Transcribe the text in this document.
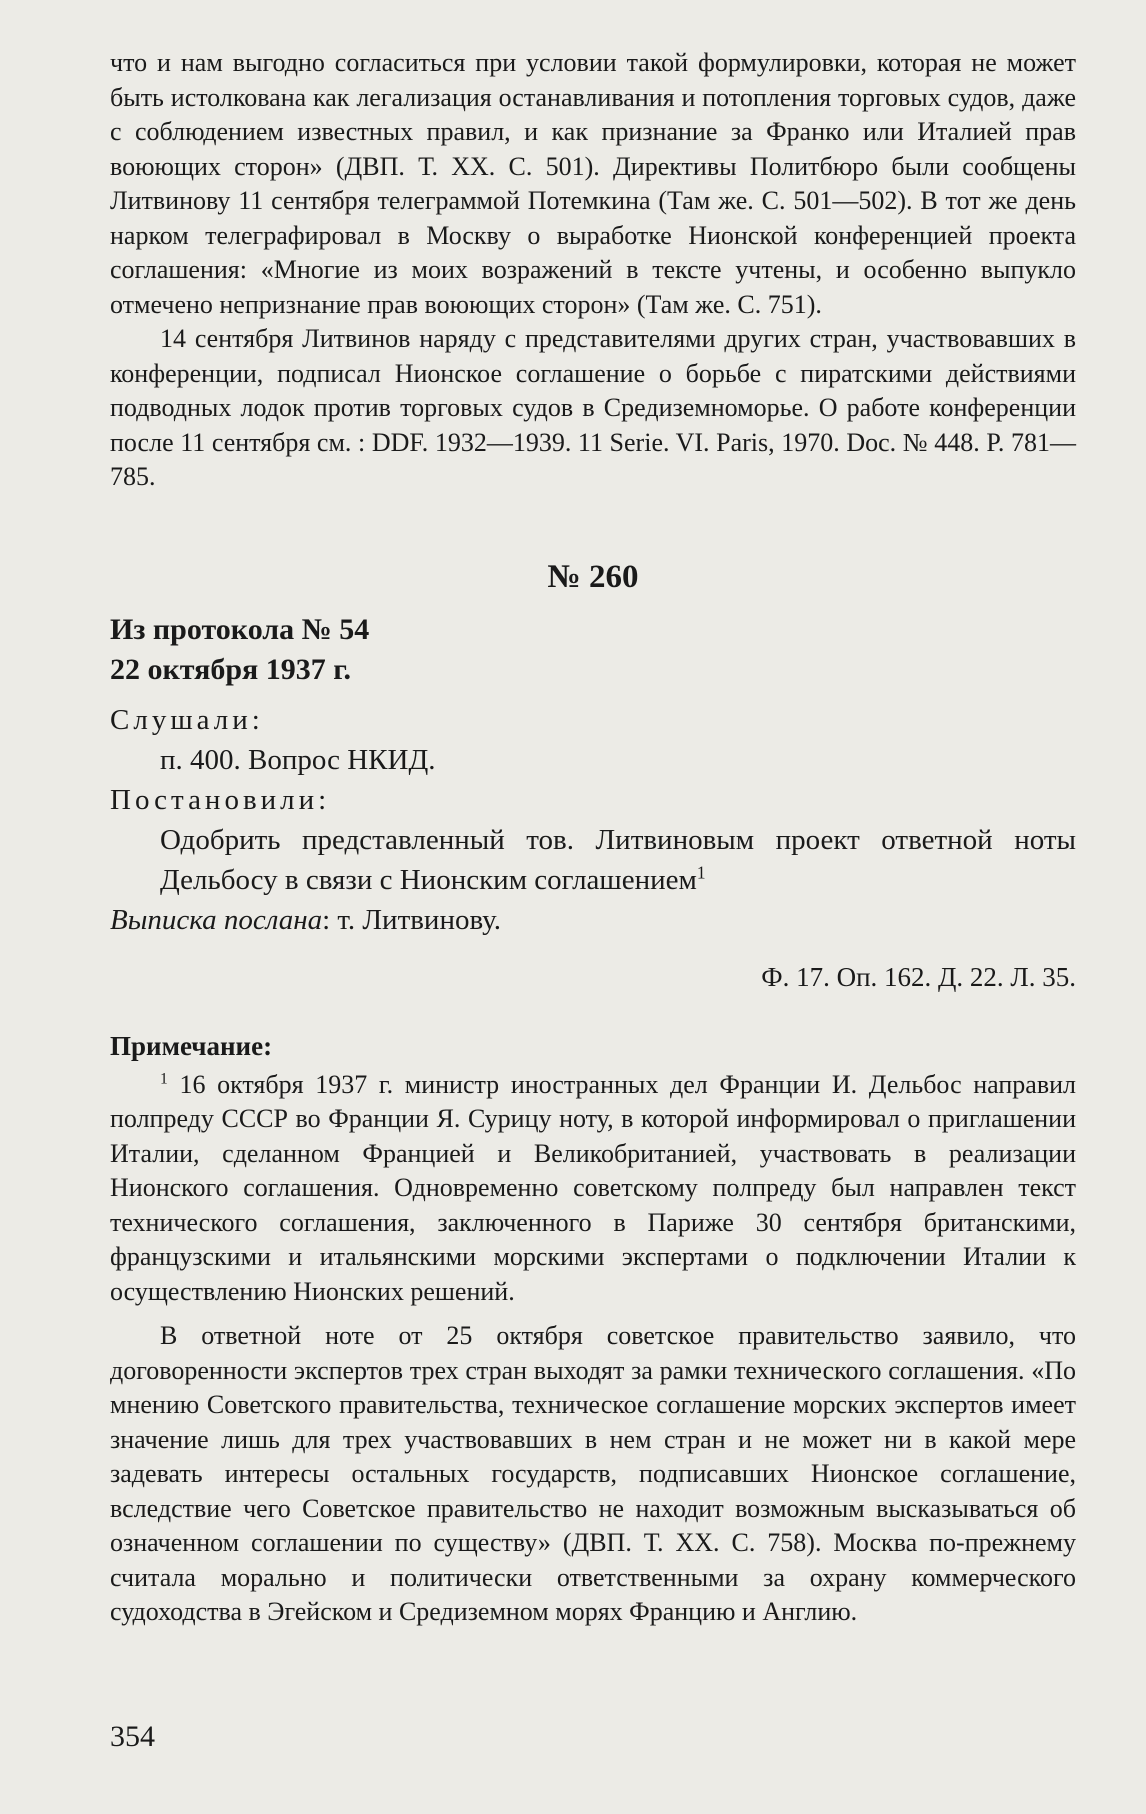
что и нам выгодно согласиться при условии такой формулировки, которая не может быть истолкована как легализация останавливания и потопления торговых судов, даже с соблюдением известных правил, и как признание за Франко или Италией прав воюющих сторон» (ДВП. Т. XX. С. 501). Директивы Политбюро были сообщены Литвинову 11 сентября телеграммой Потемкина (Там же. С. 501—502). В тот же день нарком телеграфировал в Москву о выработке Нионской конференцией проекта соглашения: «Многие из моих возражений в тексте учтены, и особенно выпукло отмечено непризнание прав воюющих сторон» (Там же. С. 751).

14 сентября Литвинов наряду с представителями других стран, участвовавших в конференции, подписал Нионское соглашение о борьбе с пиратскими действиями подводных лодок против торговых судов в Средиземноморье. О работе конференции после 11 сентября см. : DDF. 1932—1939. 11 Serie. VI. Paris, 1970. Doc. № 448. P. 781—785.

№ 260

Из протокола № 54

22 октября 1937 г.

Слушали:

п. 400. Вопрос НКИД.

Постановили:

Одобрить представленный тов. Литвиновым проект ответной ноты Дельбосу в связи с Нионским соглашением$^1$

Выписка послана: т. Литвинову.

Ф. 17. Оп. 162. Д. 22. Л. 35.

Примечание:

$^1$ 16 октября 1937 г. министр иностранных дел Франции И. Дельбос направил полпреду СССР во Франции Я. Сурицу ноту, в которой информировал о приглашении Италии, сделанном Францией и Великобританией, участвовать в реализации Нионского соглашения. Одновременно советскому полпреду был направлен текст технического соглашения, заключенного в Париже 30 сентября британскими, французскими и итальянскими морскими экспертами о подключении Италии к осуществлению Нионских решений.

В ответной ноте от 25 октября советское правительство заявило, что договоренности экспертов трех стран выходят за рамки технического соглашения. «По мнению Советского правительства, техническое соглашение морских экспертов имеет значение лишь для трех участвовавших в нем стран и не может ни в какой мере задевать интересы остальных государств, подписавших Нионское соглашение, вследствие чего Советское правительство не находит возможным высказываться об означенном соглашении по существу» (ДВП. Т. XX. С. 758). Москва по-прежнему считала морально и политически ответственными за охрану коммерческого судоходства в Эгейском и Средиземном морях Францию и Англию.

354
